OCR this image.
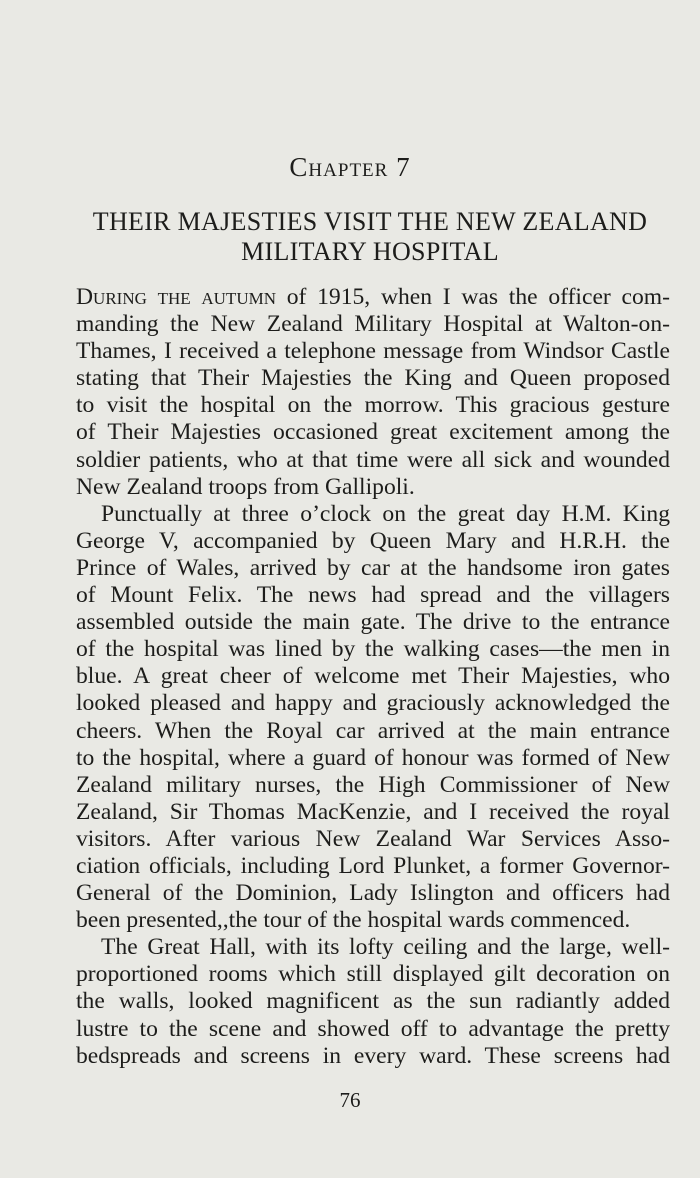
Chapter 7
THEIR MAJESTIES VISIT THE NEW ZEALAND
MILITARY HOSPITAL
During the autumn of 1915, when I was the officer com-
manding the New Zealand Military Hospital at Walton-on-
Thames, I received a telephone message from Windsor Castle
stating that Their Majesties the King and Queen proposed
to visit the hospital on the morrow. This gracious gesture
of Their Majesties occasioned great excitement among the
soldier patients, who at that time were all sick and wounded
New Zealand troops from Gallipoli.
Punctually at three o’clock on the great day H.M. King
George V, accompanied by Queen Mary and H.R.H. the
Prince of Wales, arrived by car at the handsome iron gates
of Mount Felix. The news had spread and the villagers
assembled outside the main gate. The drive to the entrance
of the hospital was lined by the walking cases—the men in
blue. A great cheer of welcome met Their Majesties, who
looked pleased and happy and graciously acknowledged the
cheers. When the Royal car arrived at the main entrance
to the hospital, where a guard of honour was formed of New
Zealand military nurses, the High Commissioner of New
Zealand, Sir Thomas MacKenzie, and I received the royal
visitors. After various New Zealand War Services Asso-
ciation officials, including Lord Plunket, a former Governor-
General of the Dominion, Lady Islington and officers had
been presented,,the tour of the hospital wards commenced.
The Great Hall, with its lofty ceiling and the large, well-
proportioned rooms which still displayed gilt decoration on
the walls, looked magnificent as the sun radiantly added
lustre to the scene and showed off to advantage the pretty
bedspreads and screens in every ward. These screens had
76
